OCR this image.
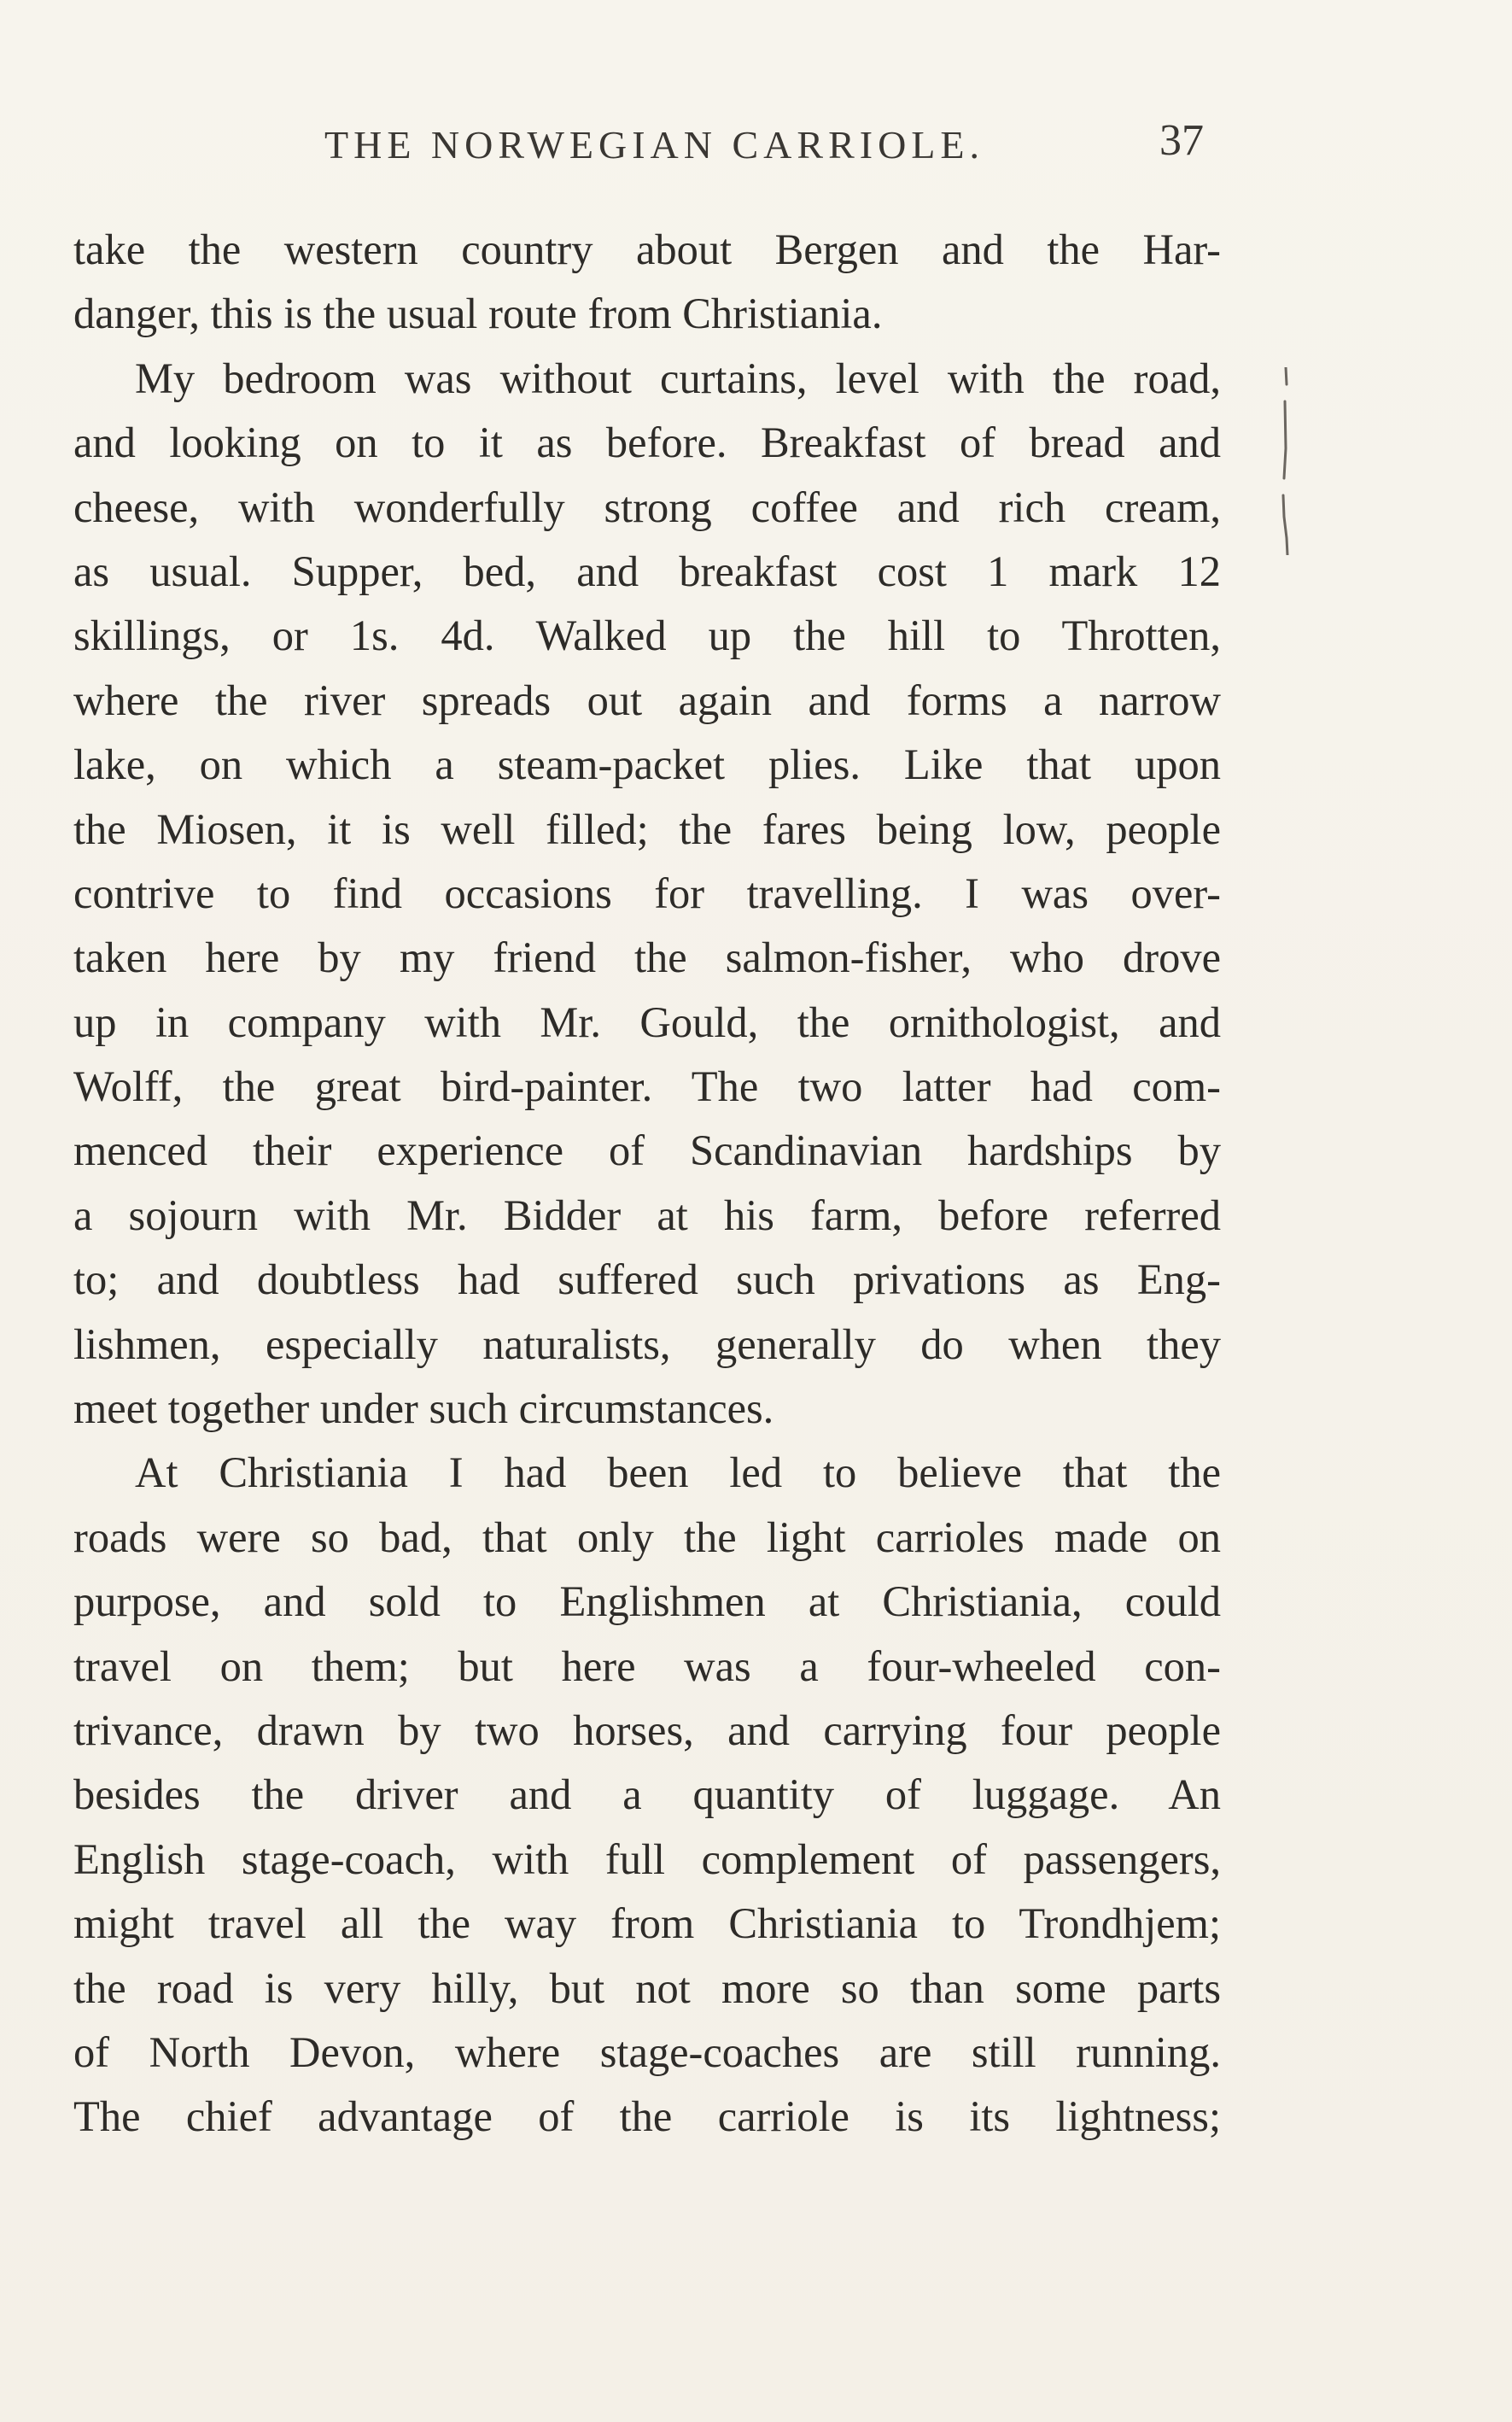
THE NORWEGIAN CARRIOLE.	37
take the western country about Bergen and the Har-
danger, this is the usual route from Christiania.
My bedroom was without curtains, level with the road,
and looking on to it as before. Breakfast of bread and
cheese, with wonderfully strong coffee and rich cream,
as usual. Supper, bed, and breakfast cost 1 mark 12
skillings, or 1s. 4d. Walked up the hill to Throtten,
where the river spreads out again and forms a narrow
lake, on which a steam-packet plies. Like that upon
the Miosen, it is well filled; the fares being low, people
contrive to find occasions for travelling. I was over-
taken here by my friend the salmon-fisher, who drove
up in company with Mr. Gould, the ornithologist, and
Wolff, the great bird-painter. The two latter had com-
menced their experience of Scandinavian hardships by
a sojourn with Mr. Bidder at his farm, before referred
to; and doubtless had suffered such privations as Eng-
lishmen, especially naturalists, generally do when they
meet together under such circumstances.
At Christiania I had been led to believe that the
roads were so bad, that only the light carrioles made on
purpose, and sold to Englishmen at Christiania, could
travel on them; but here was a four-wheeled con-
trivance, drawn by two horses, and carrying four people
besides the driver and a quantity of luggage. An
English stage-coach, with full complement of passengers,
might travel all the way from Christiania to Trondhjem;
the road is very hilly, but not more so than some parts
of North Devon, where stage-coaches are still running.
The chief advantage of the carriole is its lightness;
